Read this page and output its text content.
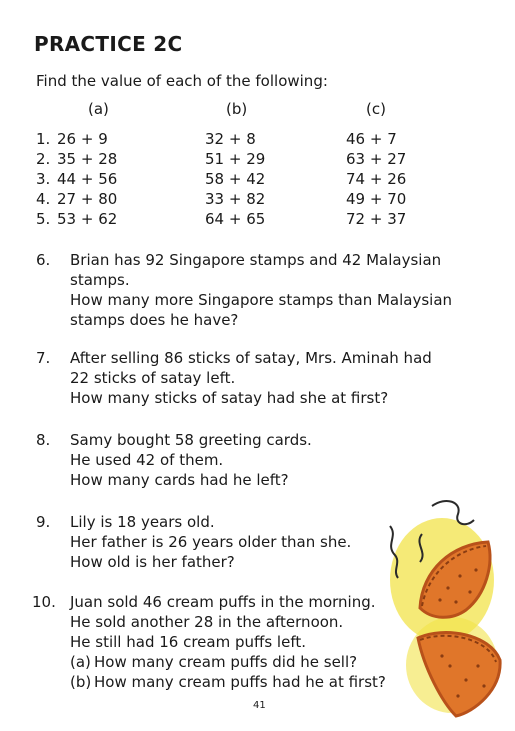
PRACTICE 2C
Find the value of each of the following:
(a)	(b)	(c)
1. 26 + 9	32 + 8	46 + 7
2. 35 + 28	51 + 29	63 + 27
3. 44 + 56	58 + 42	74 + 26
4. 27 + 80	33 + 82	49 + 70
5. 53 + 62	64 + 65	72 + 37
6. Brian has 92 Singapore stamps and 42 Malaysian
stamps.
How many more Singapore stamps than Malaysian
stamps does he have?
7. After selling 86 sticks of satay, Mrs. Aminah had
22 sticks of satay left.
How many sticks of satay had she at first?
8. Samy bought 58 greeting cards.
He used 42 of them.
How many cards had he left?
9. Lily is 18 years old.
Her father is 26 years older than she.
How old is her father?
10. Juan sold 46 cream puffs in the morning.
He sold another 28 in the afternoon.
He still had 16 cream puffs left.
(a) How many cream puffs did he sell?
(b) How many cream puffs had he at first?
41
